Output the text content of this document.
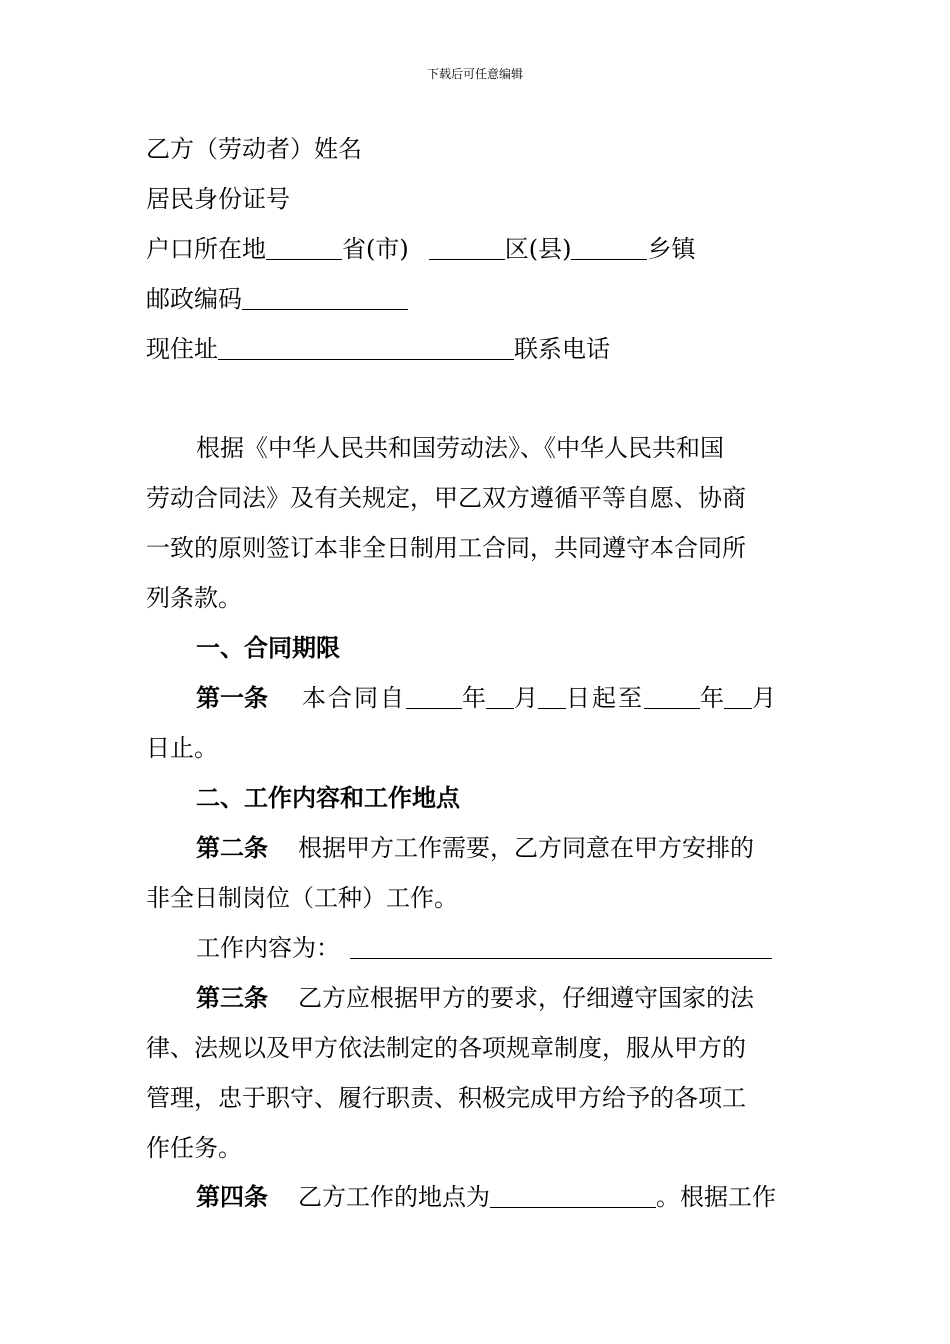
下载后可任意编辑
乙方（劳动者）姓名
居民身份证号
户口所在地	省(市)	区(县)	乡镇
邮政编码
现住址	联系电话
根据《中华人民共和国劳动法》、《中华人民共和国
劳动合同法》及有关规定，甲乙双方遵循平等自愿、协商
一致的原则签订本非全日制用工合同，共同遵守本合同所
列条款。
一、合同期限
第一条 本合同自 年 月 日起至 年 月
日止。
二、工作内容和工作地点
第二条 根据甲方工作需要，乙方同意在甲方安排的
非全日制岗位（工种）工作。
工作内容为：
第三条 乙方应根据甲方的要求，仔细遵守国家的法
律、法规以及甲方依法制定的各项规章制度，服从甲方的
管理，忠于职守、履行职责、积极完成甲方给予的各项工
作任务。
第四条 乙方工作的地点为	。根据工作
